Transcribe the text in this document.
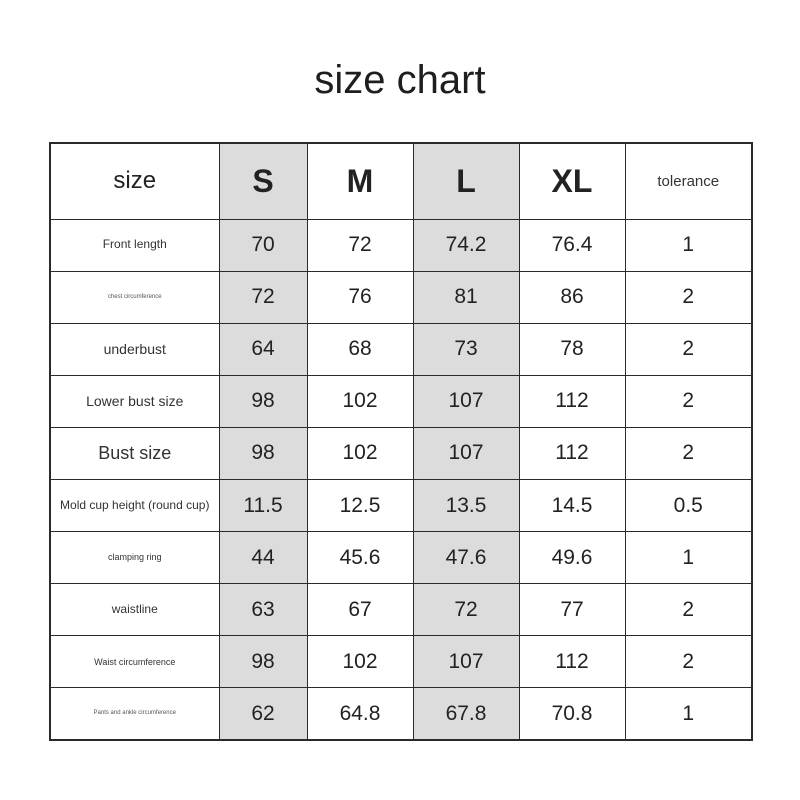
size chart
size	S	M	L	XL	tolerance
Front length	70	72	74.2	76.4	1
chest circumference	72	76	81	86	2
underbust	64	68	73	78	2
Lower bust size	98	102	107	112	2
Bust size	98	102	107	112	2
Mold cup height (round cup)	11.5	12.5	13.5	14.5	0.5
clamping ring	44	45.6	47.6	49.6	1
waistline	63	67	72	77	2
Waist circumference	98	102	107	112	2
Pants and ankle circumference	62	64.8	67.8	70.8	1
